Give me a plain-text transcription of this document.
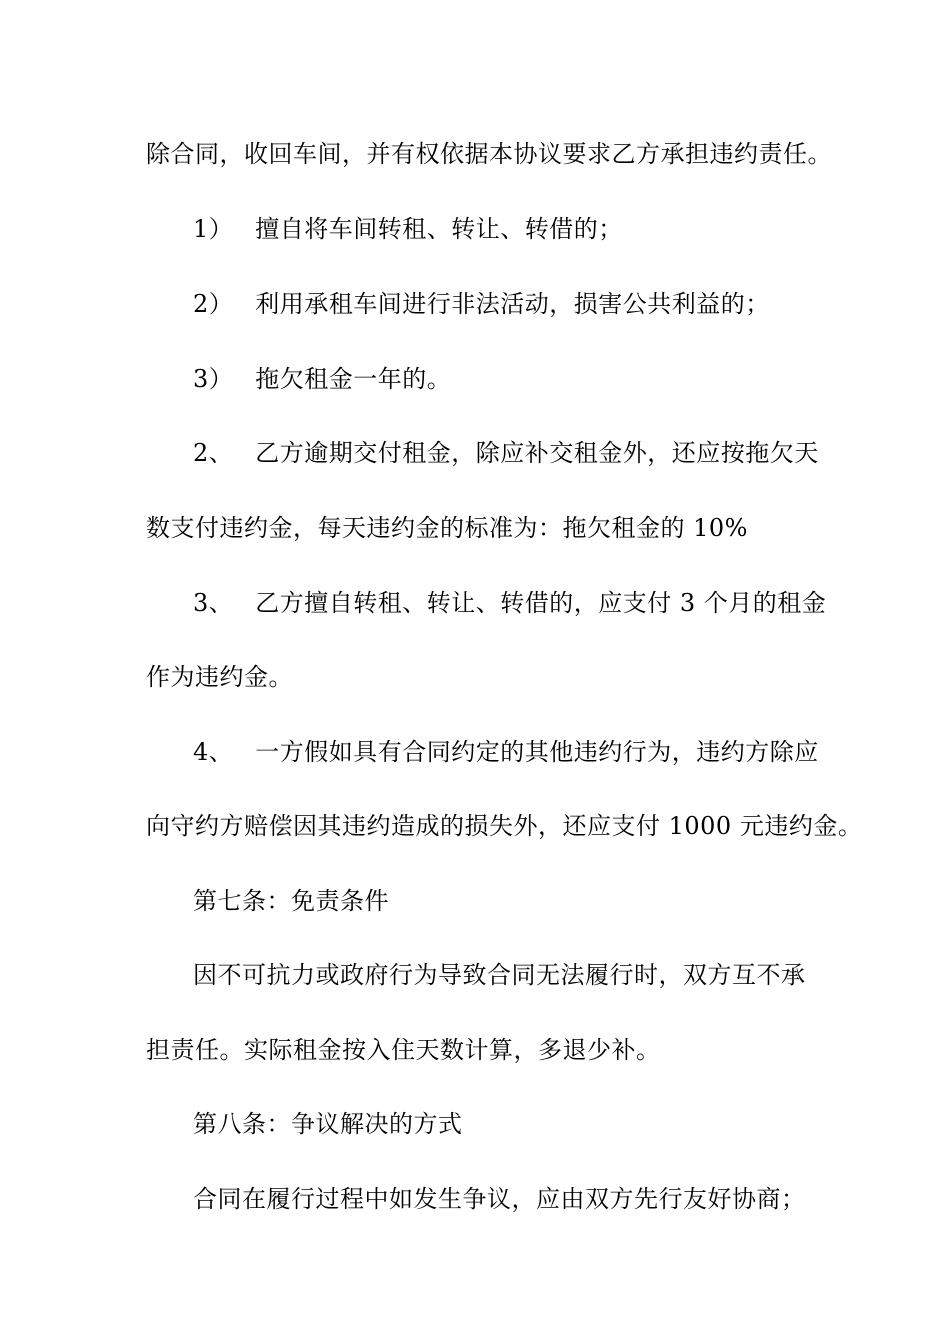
除合同，收回车间，并有权依据本协议要求乙方承担违约责任。
1） 擅自将车间转租、转让、转借的；
2） 利用承租车间进行非法活动，损害公共利益的；
3） 拖欠租金一年的。
2、 乙方逾期交付租金，除应补交租金外，还应按拖欠天
数支付违约金，每天违约金的标准为：拖欠租金的 10%
3、 乙方擅自转租、转让、转借的，应支付 3 个月的租金
作为违约金。
4、 一方假如具有合同约定的其他违约行为，违约方除应
向守约方赔偿因其违约造成的损失外，还应支付 1000 元违约金。
第七条：免责条件
因不可抗力或政府行为导致合同无法履行时，双方互不承
担责任。实际租金按入住天数计算，多退少补。
第八条：争议解决的方式
合同在履行过程中如发生争议，应由双方先行友好协商；
